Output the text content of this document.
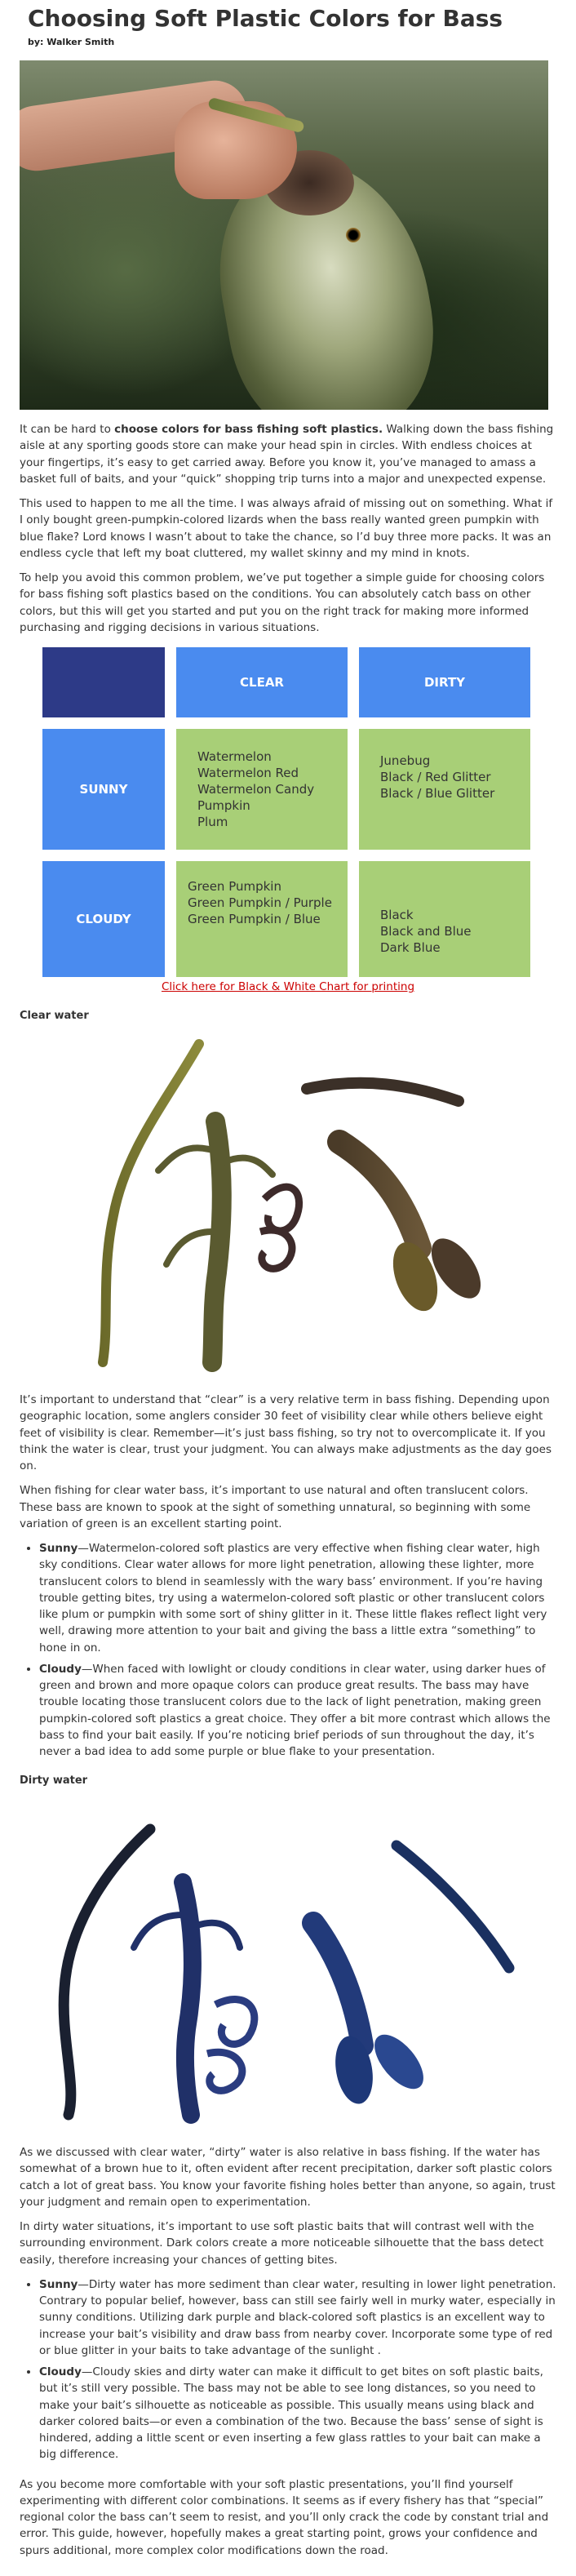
Choosing Soft Plastic Colors for Bass
by: Walker Smith

It can be hard to choose colors for bass fishing soft plastics. Walking down the bass fishing aisle at any sporting goods store can make your head spin in circles. With endless choices at your fingertips, it’s easy to get carried away. Before you know it, you’ve managed to amass a basket full of baits, and your “quick” shopping trip turns into a major and unexpected expense.

This used to happen to me all the time. I was always afraid of missing out on something. What if I only bought green-pumpkin-colored lizards when the bass really wanted green pumpkin with blue flake? Lord knows I wasn’t about to take the chance, so I’d buy three more packs. It was an endless cycle that left my boat cluttered, my wallet skinny and my mind in knots.

To help you avoid this common problem, we’ve put together a simple guide for choosing colors for bass fishing soft plastics based on the conditions. You can absolutely catch bass on other colors, but this will get you started and put you on the right track for making more informed purchasing and rigging decisions in various situations.

CLEAR	DIRTY
SUNNY
Watermelon
Watermelon Red
Watermelon Candy
Pumpkin
Plum
Junebug
Black / Red Glitter
Black / Blue Glitter
CLOUDY
Green Pumpkin
Green Pumpkin / Purple
Green Pumpkin / Blue	Black
Black and Blue
Dark Blue
Click here for Black & White Chart for printing
Clear water

It’s important to understand that “clear” is a very relative term in bass fishing. Depending upon geographic location, some anglers consider 30 feet of visibility clear while others believe eight feet of visibility is clear. Remember—it’s just bass fishing, so try not to overcomplicate it. If you think the water is clear, trust your judgment. You can always make adjustments as the day goes on.

When fishing for clear water bass, it’s important to use natural and often translucent colors. These bass are known to spook at the sight of something unnatural, so beginning with some variation of green is an excellent starting point.

• Sunny—Watermelon-colored soft plastics are very effective when fishing clear water, high sky conditions. Clear water allows for more light penetration, allowing these lighter, more translucent colors to blend in seamlessly with the wary bass’ environment. If you’re having trouble getting bites, try using a watermelon-colored soft plastic or other translucent colors like plum or pumpkin with some sort of shiny glitter in it. These little flakes reflect light very well, drawing more attention to your bait and giving the bass a little extra “something” to hone in on.
• Cloudy—When faced with lowlight or cloudy conditions in clear water, using darker hues of green and brown and more opaque colors can produce great results. The bass may have trouble locating those translucent colors due to the lack of light penetration, making green pumpkin-colored soft plastics a great choice. They offer a bit more contrast which allows the bass to find your bait easily. If you’re noticing brief periods of sun throughout the day, it’s never a bad idea to add some purple or blue flake to your presentation.
Dirty water

As we discussed with clear water, “dirty” water is also relative in bass fishing. If the water has somewhat of a brown hue to it, often evident after recent precipitation, darker soft plastic colors catch a lot of great bass. You know your favorite fishing holes better than anyone, so again, trust your judgment and remain open to experimentation.

In dirty water situations, it’s important to use soft plastic baits that will contrast well with the surrounding environment. Dark colors create a more noticeable silhouette that the bass detect easily, therefore increasing your chances of getting bites.

• Sunny—Dirty water has more sediment than clear water, resulting in lower light penetration. Contrary to popular belief, however, bass can still see fairly well in murky water, especially in sunny conditions. Utilizing dark purple and black-colored soft plastics is an excellent way to increase your bait’s visibility and draw bass from nearby cover. Incorporate some type of red or blue glitter in your baits to take advantage of the sunlight .
• Cloudy—Cloudy skies and dirty water can make it difficult to get bites on soft plastic baits, but it’s still very possible. The bass may not be able to see long distances, so you need to make your bait’s silhouette as noticeable as possible. This usually means using black and darker colored baits—or even a combination of the two. Because the bass’ sense of sight is hindered, adding a little scent or even inserting a few glass rattles to your bait can make a big difference.

As you become more comfortable with your soft plastic presentations, you’ll find yourself experimenting with different color combinations. It seems as if every fishery has that “special” regional color the bass can’t seem to resist, and you’ll only crack the code by constant trial and error. This guide, however, hopefully makes a great starting point, grows your confidence and spurs additional, more complex color modifications down the road.
